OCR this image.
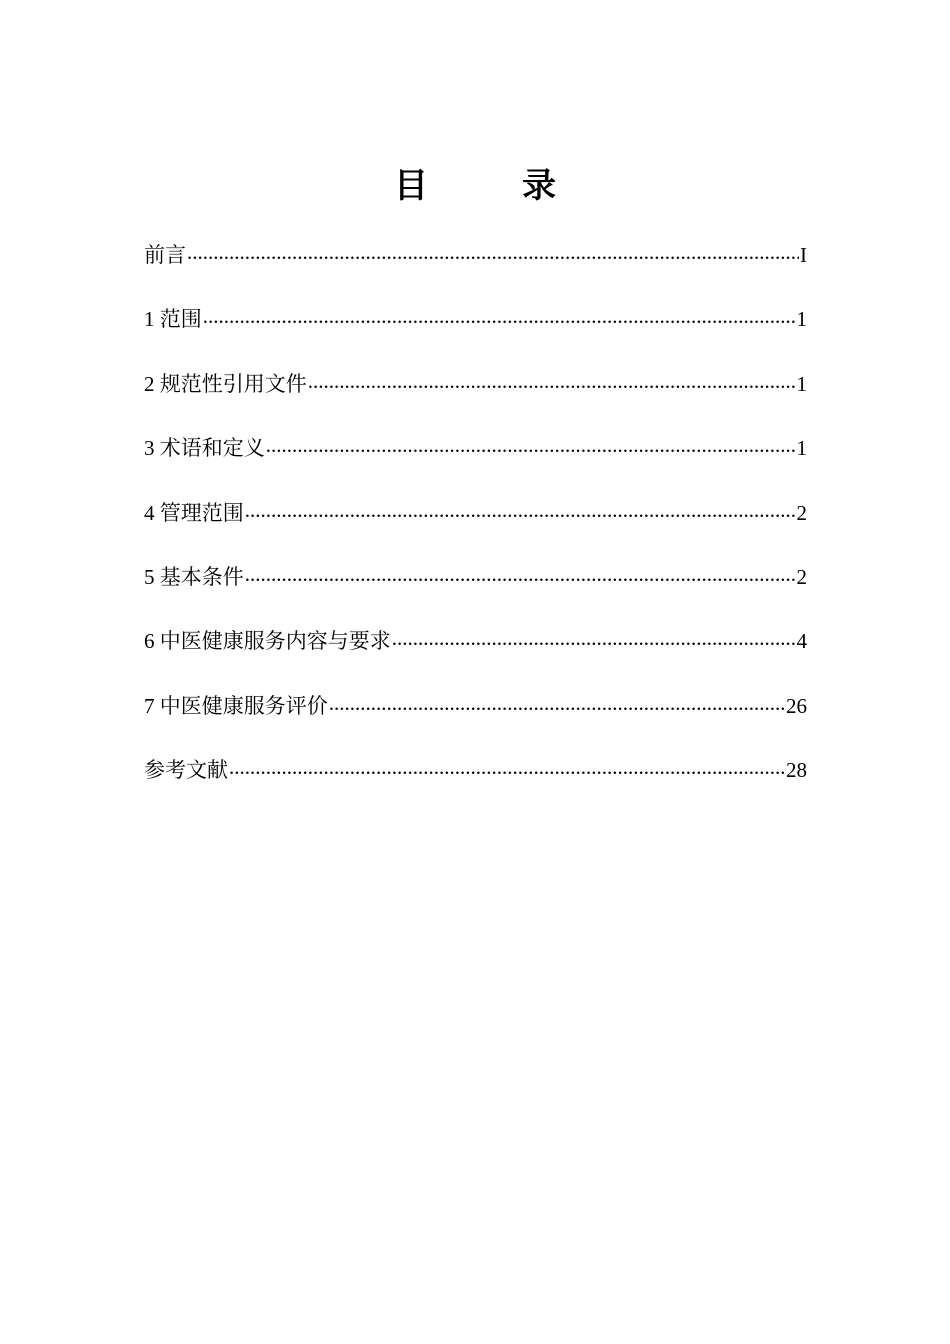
目　录
前言 .....	I
1 范围 .....	1
2 规范性引用文件 .....	1
3 术语和定义 .....	1
4 管理范围 .....	2
5 基本条件 .....	2
6 中医健康服务内容与要求 .....	4
7 中医健康服务评价 .....	26
参考文献 .....	28
